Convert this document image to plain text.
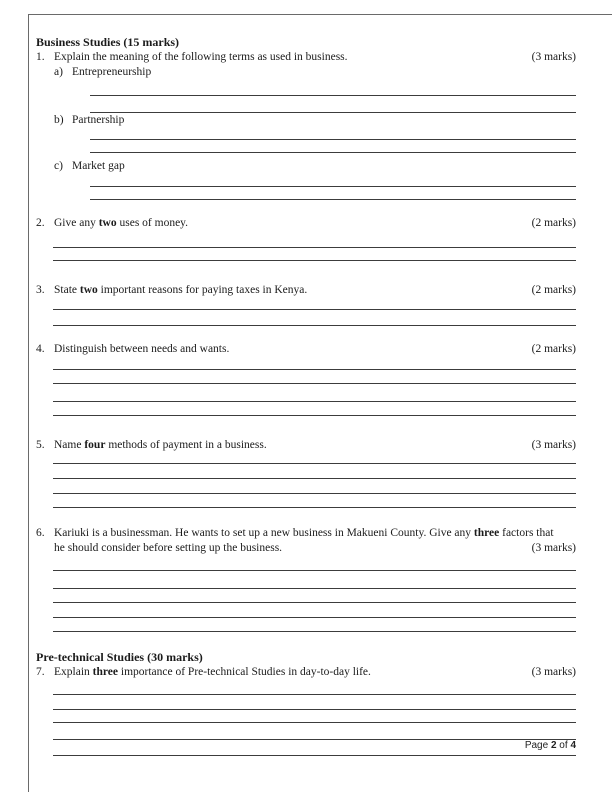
Business Studies (15 marks)
1. Explain the meaning of the following terms as used in business.	(3 marks)
a) Entrepreneurship
b) Partnership
c) Market gap
2. Give any two uses of money.	(2 marks)
3. State two important reasons for paying taxes in Kenya.	(2 marks)
4. Distinguish between needs and wants.	(2 marks)
5. Name four methods of payment in a business.	(3 marks)
6. Kariuki is a businessman. He wants to set up a new business in Makueni County. Give any three factors that
he should consider before setting up the business.	(3 marks)
Pre-technical Studies (30 marks)
7. Explain three importance of Pre-technical Studies in day-to-day life.	(3 marks)
Page 2 of 4
